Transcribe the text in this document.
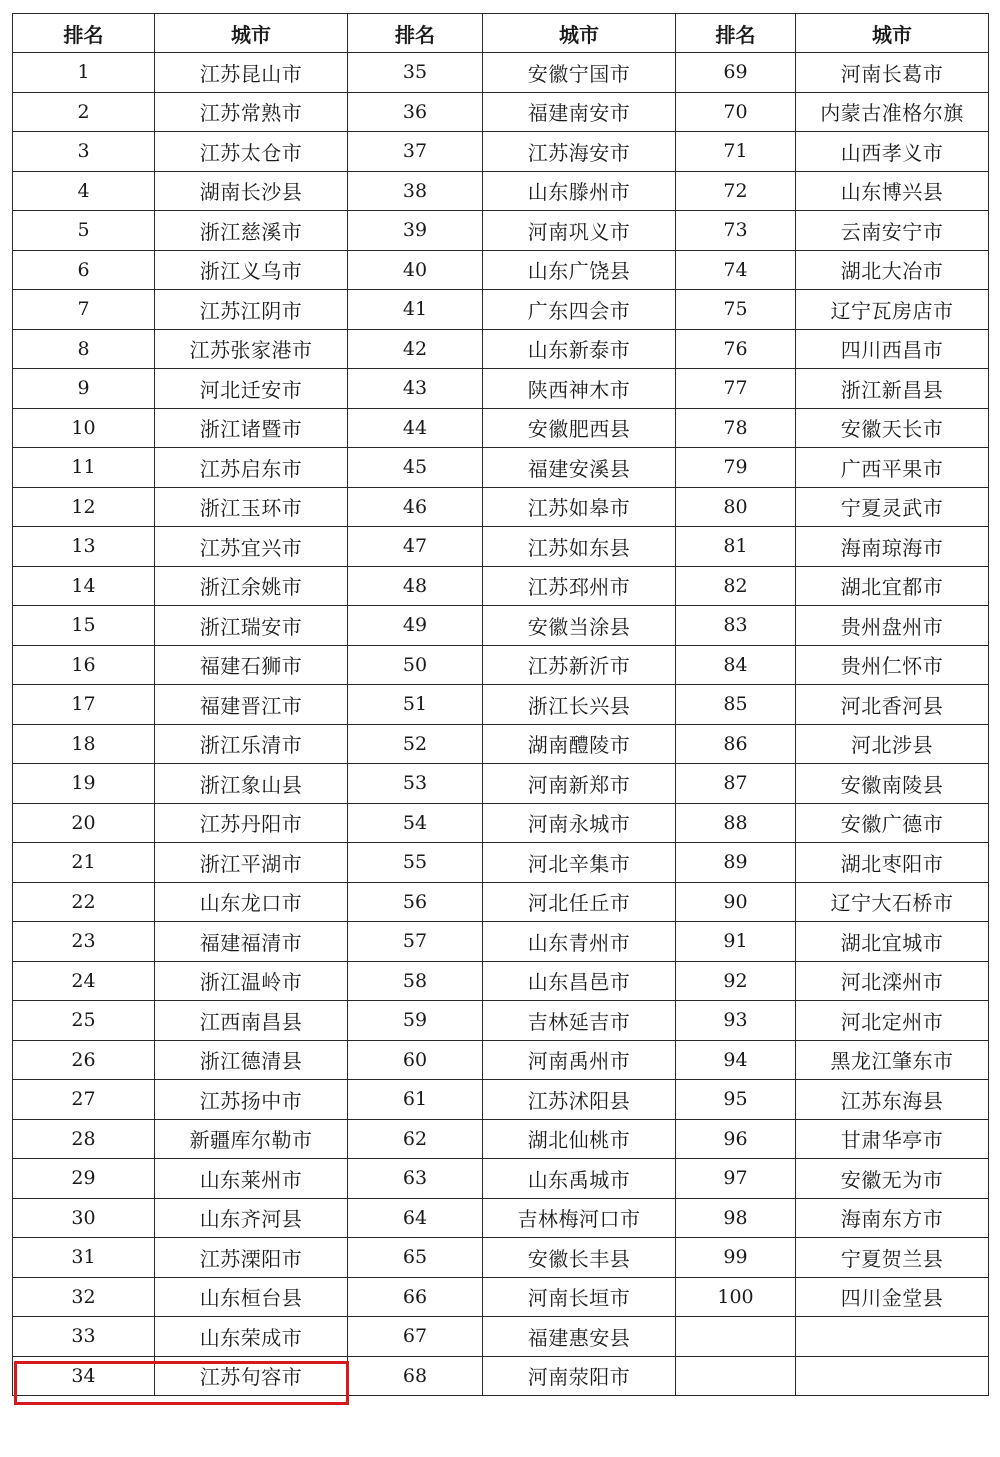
排名	城市	排名	城市	排名	城市
1	江苏昆山市	35	安徽宁国市	69	河南长葛市
2	江苏常熟市	36	福建南安市	70	内蒙古准格尔旗
3	江苏太仓市	37	江苏海安市	71	山西孝义市
4	湖南长沙县	38	山东滕州市	72	山东博兴县
5	浙江慈溪市	39	河南巩义市	73	云南安宁市
6	浙江义乌市	40	山东广饶县	74	湖北大冶市
7	江苏江阴市	41	广东四会市	75	辽宁瓦房店市
8	江苏张家港市	42	山东新泰市	76	四川西昌市
9	河北迁安市	43	陕西神木市	77	浙江新昌县
10	浙江诸暨市	44	安徽肥西县	78	安徽天长市
11	江苏启东市	45	福建安溪县	79	广西平果市
12	浙江玉环市	46	江苏如皋市	80	宁夏灵武市
13	江苏宜兴市	47	江苏如东县	81	海南琼海市
14	浙江余姚市	48	江苏邳州市	82	湖北宜都市
15	浙江瑞安市	49	安徽当涂县	83	贵州盘州市
16	福建石狮市	50	江苏新沂市	84	贵州仁怀市
17	福建晋江市	51	浙江长兴县	85	河北香河县
18	浙江乐清市	52	湖南醴陵市	86	河北涉县
19	浙江象山县	53	河南新郑市	87	安徽南陵县
20	江苏丹阳市	54	河南永城市	88	安徽广德市
21	浙江平湖市	55	河北辛集市	89	湖北枣阳市
22	山东龙口市	56	河北任丘市	90	辽宁大石桥市
23	福建福清市	57	山东青州市	91	湖北宜城市
24	浙江温岭市	58	山东昌邑市	92	河北滦州市
25	江西南昌县	59	吉林延吉市	93	河北定州市
26	浙江德清县	60	河南禹州市	94	黑龙江肇东市
27	江苏扬中市	61	江苏沭阳县	95	江苏东海县
28	新疆库尔勒市	62	湖北仙桃市	96	甘肃华亭市
29	山东莱州市	63	山东禹城市	97	安徽无为市
30	山东齐河县	64	吉林梅河口市	98	海南东方市
31	江苏溧阳市	65	安徽长丰县	99	宁夏贺兰县
32	山东桓台县	66	河南长垣市	100	四川金堂县
33	山东荣成市	67	福建惠安县		
34	江苏句容市	68	河南荥阳市		
